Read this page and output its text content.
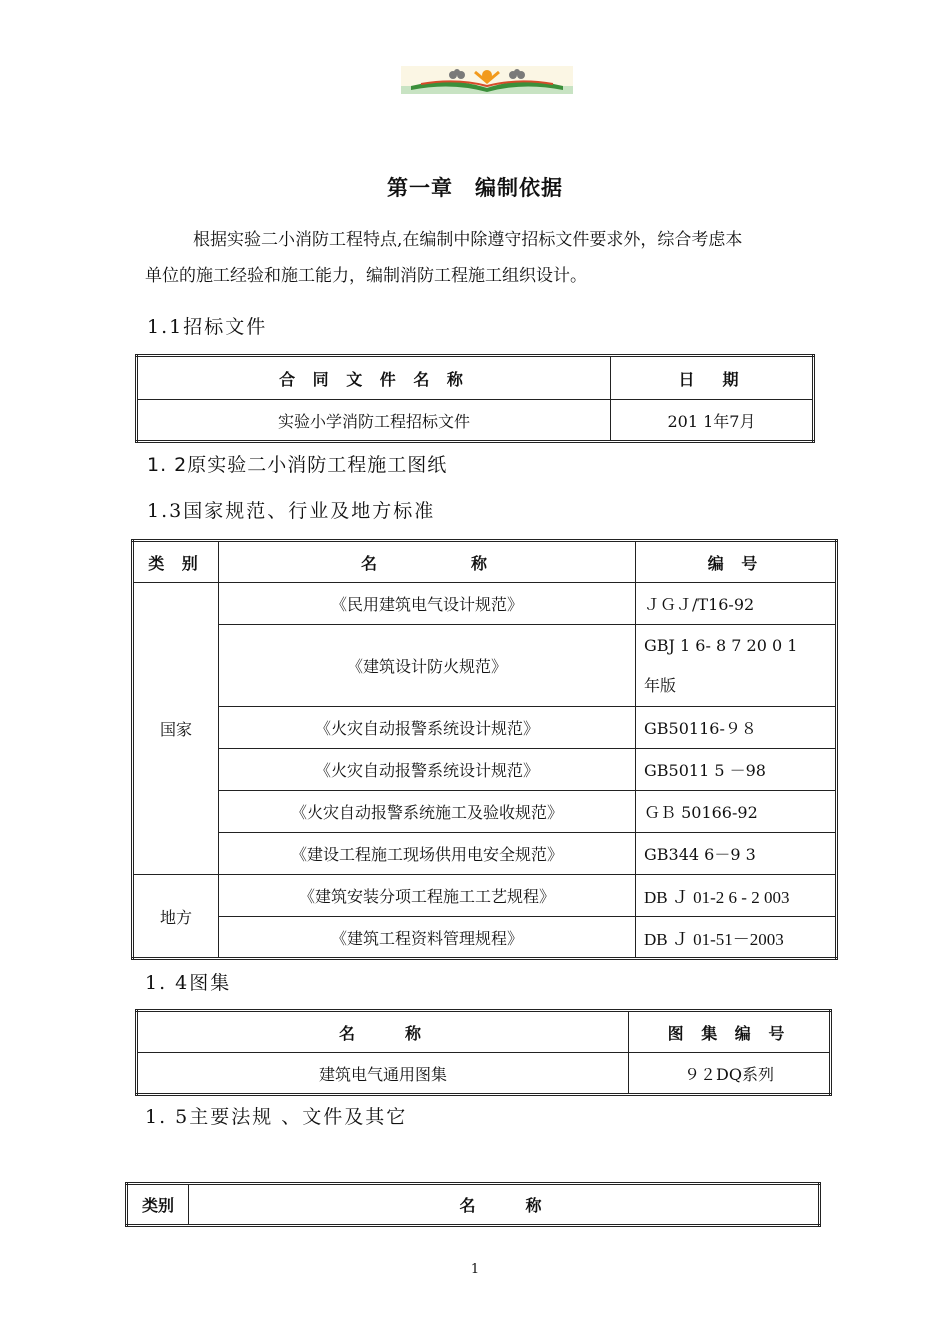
第一章　编制依据
根据实验二小消防工程特点,在编制中除遵守招标文件要求外，综合考虑本
单位的施工经验和施工能力，编制消防工程施工组织设计。
1.1招标文件
合 同 文 件 名 称	日　期
实验小学消防工程招标文件	201 1年7月
1. 2原实验二小消防工程施工图纸
1.3国家规范、行业及地方标准
类 别	名　　　　称	编 号
国家	《民用建筑电气设计规范》	ＪＧＪ/T16-92
	《建筑设计防火规范》	GBJ 1 6- 8 7 20 0 1
年版

	《火灾自动报警系统设计规范》	GB50116-９８
	《火灾自动报警系统设计规范》	GB5011 5 －98
	《火灾自动报警系统施工及验收规范》	ＧＢ 50166-92
	《建设工程施工现场供用电安全规范》	GB344 6－9 3
地方	《建筑安装分项工程施工工艺规程》	DB Ｊ 01-2 6 - 2 003
	《建筑工程资料管理规程》	DB Ｊ 01-51－2003
1. 4图集
名　　称	图 集 编 号
建筑电气通用图集	９２DQ系列
1. 5主要法规 、文件及其它
类别	名　　称
1
